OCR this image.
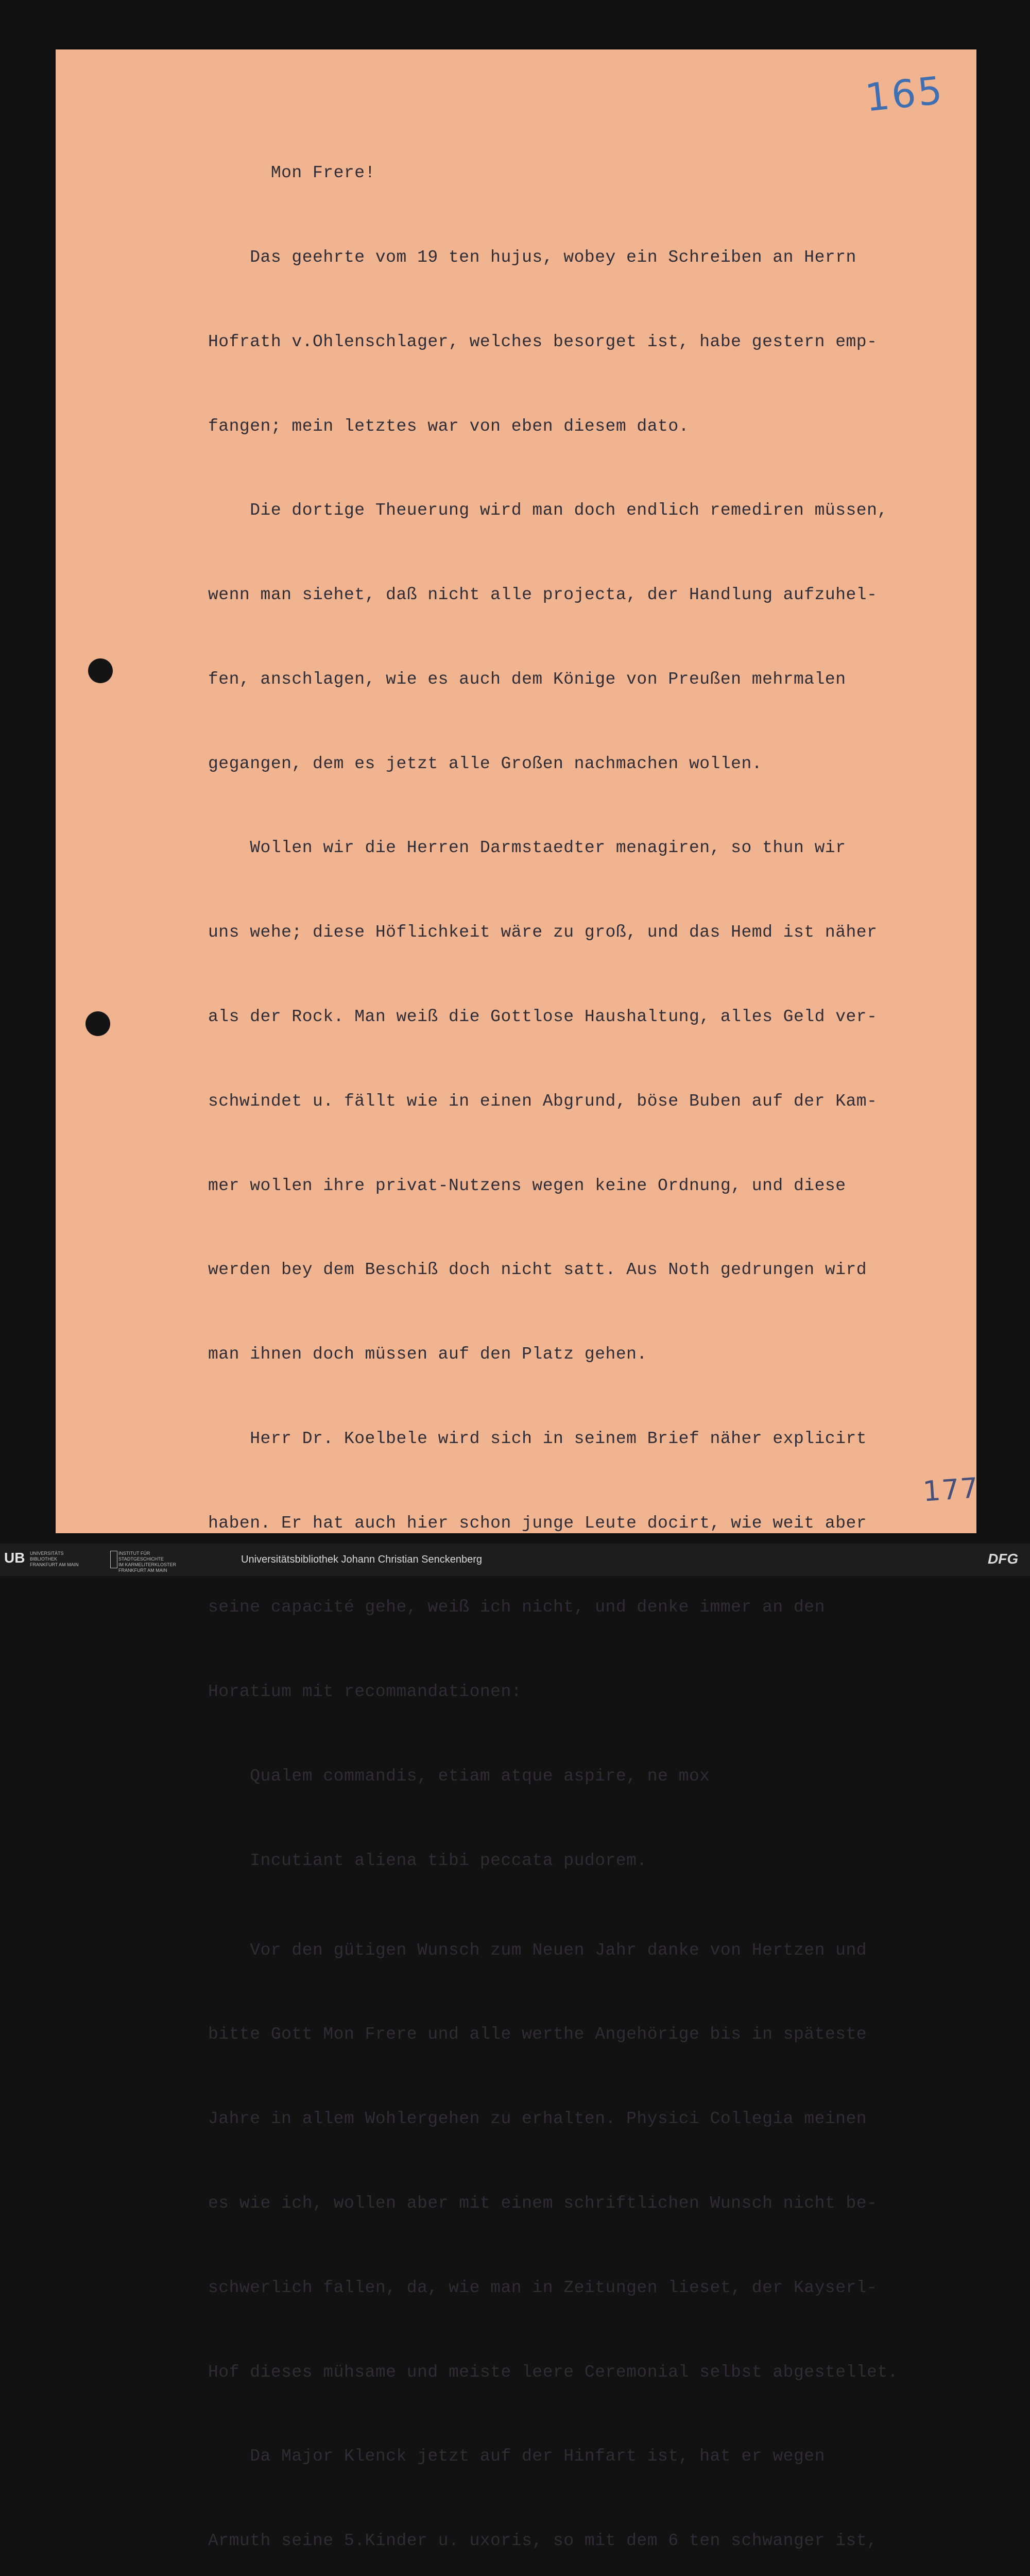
165

Mon Frere!

Das geehrte vom 19 ten hujus, wobey ein Schreiben an Herrn

Hofrath v.Ohlenschlager, welches besorget ist, habe gestern emp-

fangen; mein letztes war von eben diesem dato.

Die dortige Theuerung wird man doch endlich remediren müssen,

wenn man siehet, daß nicht alle projecta, der Handlung aufzuhel-

fen, anschlagen, wie es auch dem Könige von Preußen mehrmalen

gegangen, dem es jetzt alle Großen nachmachen wollen.

Wollen wir die Herren Darmstaedter menagiren, so thun wir

uns wehe; diese Höflichkeit wäre zu groß, und das Hemd ist näher

als der Rock. Man weiß die Gottlose Haushaltung, alles Geld ver-

schwindet u. fällt wie in einen Abgrund, böse Buben auf der Kam-

mer wollen ihre privat-Nutzens wegen keine Ordnung, und diese

werden bey dem Beschiß doch nicht satt. Aus Noth gedrungen wird

man ihnen doch müssen auf den Platz gehen.

Herr Dr. Koelbele wird sich in seinem Brief näher explicirt

haben. Er hat auch hier schon junge Leute docirt, wie weit aber

seine capacité gehe, weiß ich nicht, und denke immer an den

Horatium mit recommandationen:

Qualem commandis, etiam atque aspire, ne mox

Incutiant aliena tibi peccata pudorem.

Vor den gütigen Wunsch zum Neuen Jahr danke von Hertzen und

bitte Gott Mon Frere und alle werthe Angehörige bis in späteste

Jahre in allem Wohlergehen zu erhalten. Physici Collegia meinen

es wie ich, wollen aber mit einem schriftlichen Wunsch nicht be-

schwerlich fallen, da, wie man in Zeitungen lieset, der Kayserl-

Hof dieses mühsame und meiste leere Ceremonial selbst abgestellet.

Da Major Klenck jetzt auf der Hinfart ist, hat er wegen

Armuth seine 5.Kinder u. uxoris, so mit dem 6 ten schwanger ist,

177
UB UNIVERSITÄTS
BIBLIOTHEK
FRANKFURT AM MAIN
INSTITUT FÜR
STADTGESCHICHTE
IM KARMELITERKLOSTER
FRANKFURT AM MAIN
Universitätsbibliothek Johann Christian Senckenberg	DFG
